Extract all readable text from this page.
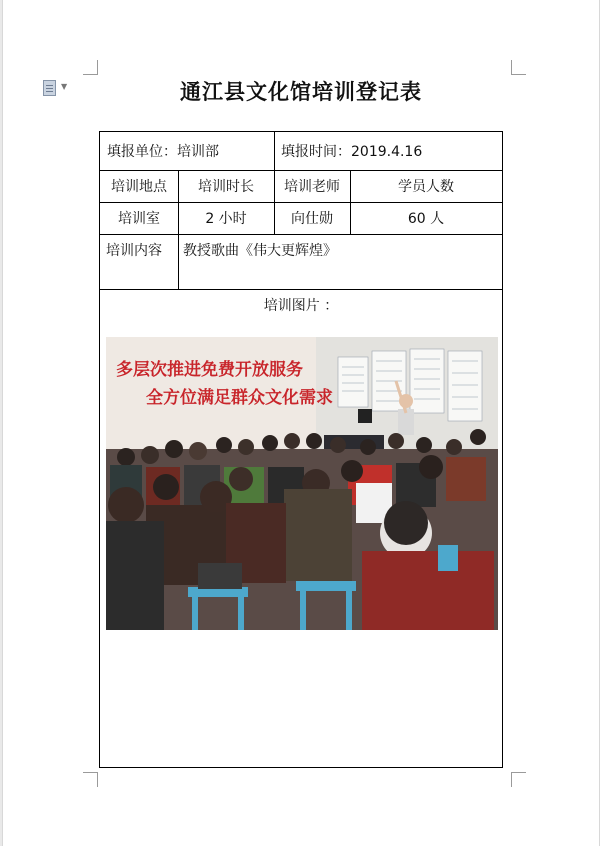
▼	通江县文化馆培训登记表
填报单位：培训部	填报时间：2019.4.16
培训地点	培训时长	培训老师	学员人数
培训室	2 小时	向仕勋	60 人
培训内容	教授歌曲《伟大更辉煌》
培训图片 ：
多层次推进免费开放服务
全方位满足群众文化需求
